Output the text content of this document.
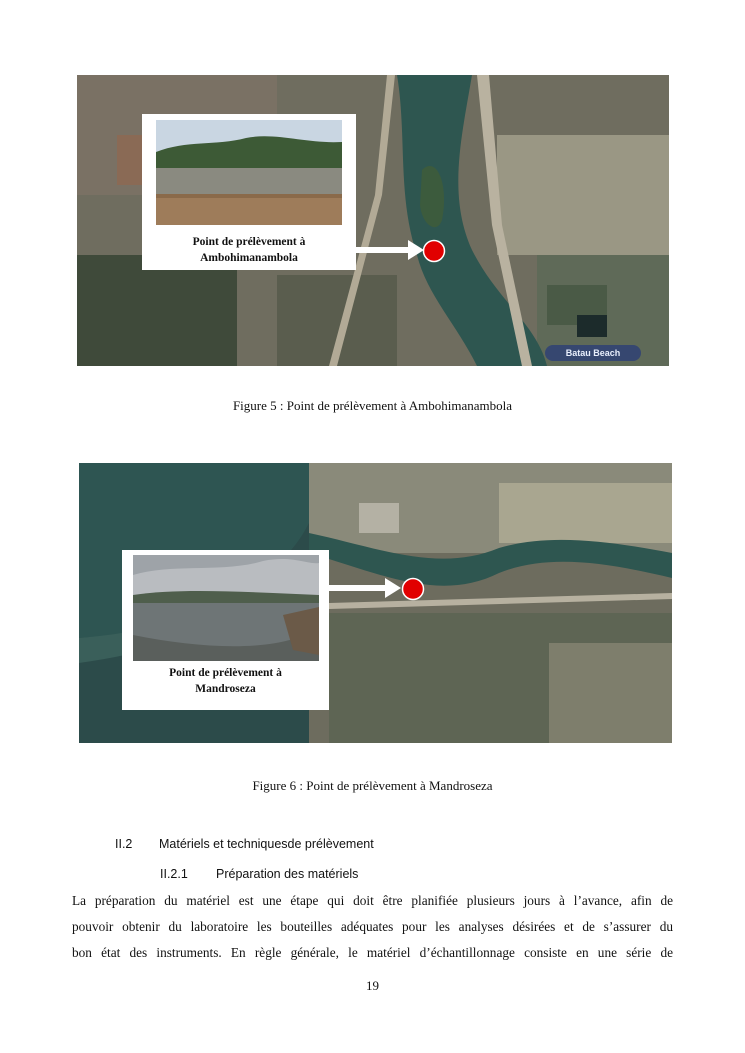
Point de prélèvement à
Ambohimanambola
Batau Beach
Figure 5 : Point de prélèvement à Ambohimanambola
Point de prélèvement à
Mandroseza
Figure 6 : Point de prélèvement à Mandroseza
II.2 Matériels et techniquesde prélèvement
II.2.1 Préparation des matériels
La préparation du matériel est une étape qui doit être planifiée plusieurs jours à l’avance, afin de
pouvoir obtenir du laboratoire les bouteilles adéquates pour les analyses désirées et de s’assurer du
bon état des instruments. En règle générale, le matériel d’échantillonnage consiste en une série de
19
